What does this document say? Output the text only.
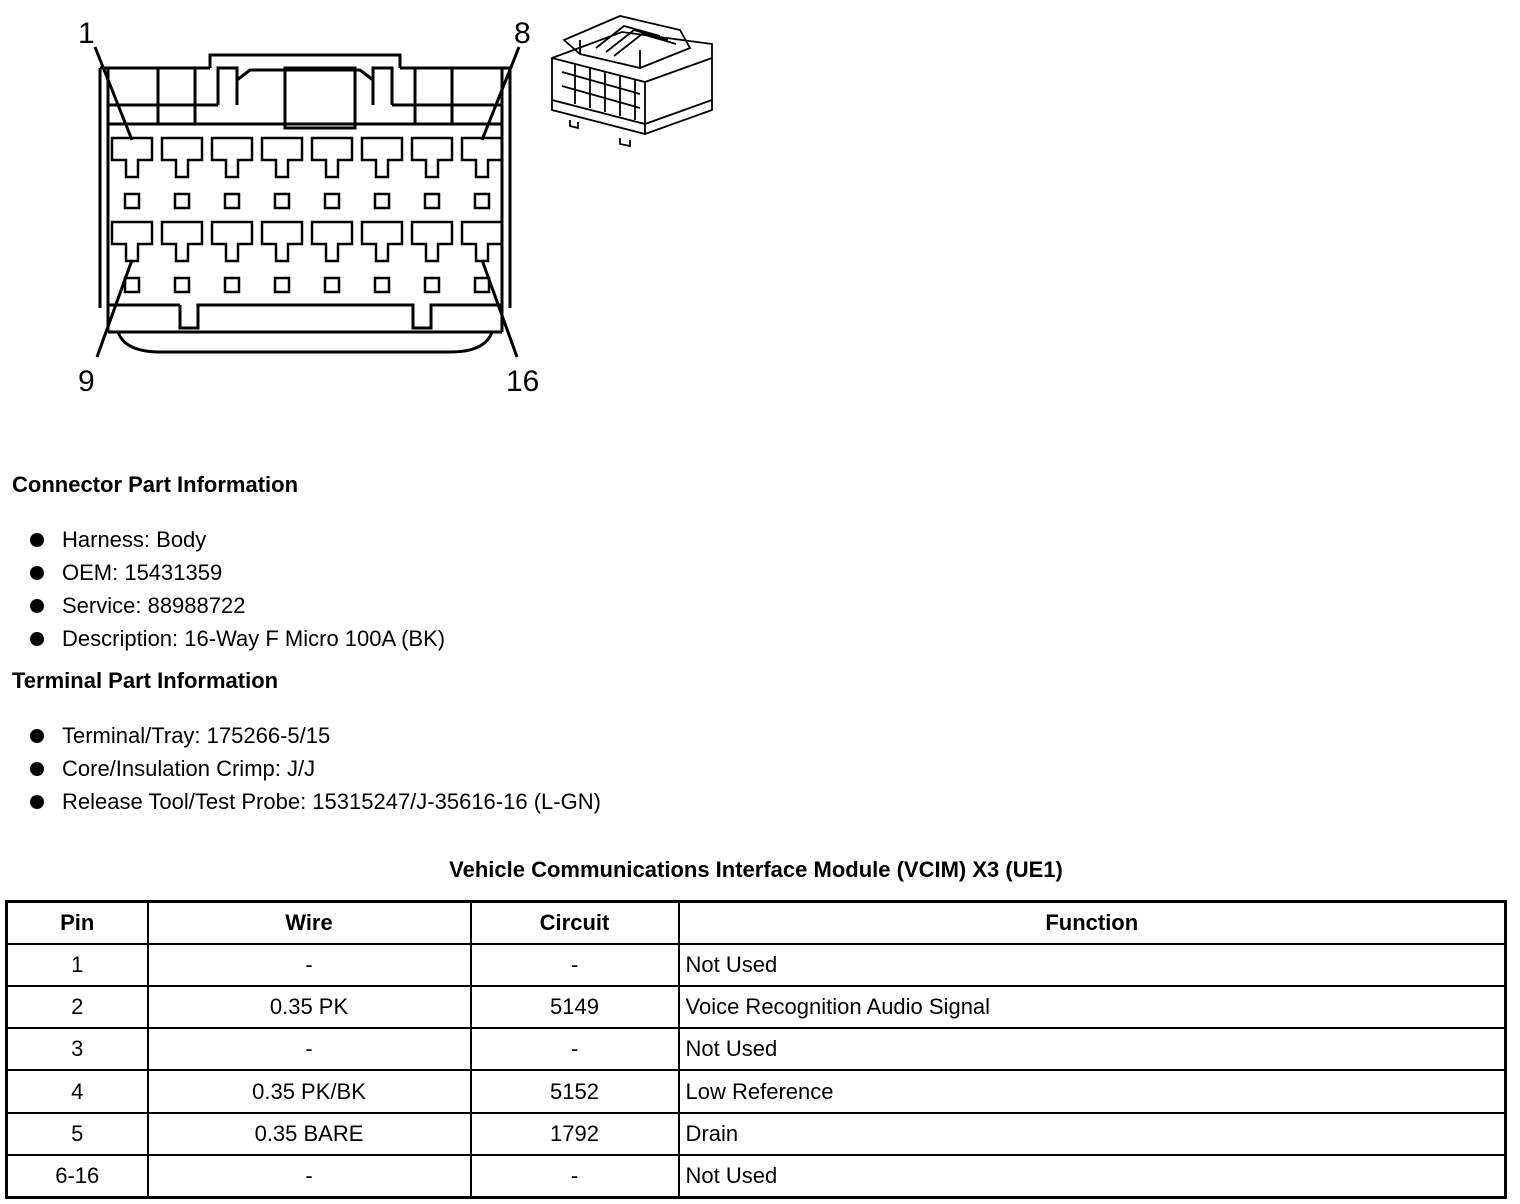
1	8
9	16
Connector Part Information
Harness: Body
OEM: 15431359
Service: 88988722
Description: 16-Way F Micro 100A (BK)
Terminal Part Information
Terminal/Tray: 175266-5/15
Core/Insulation Crimp: J/J
Release Tool/Test Probe: 15315247/J-35616-16 (L-GN)
Vehicle Communications Interface Module (VCIM) X3 (UE1)
Pin	Wire	Circuit	Function
1	-	-	Not Used
2	0.35 PK	5149	Voice Recognition Audio Signal
3	-	-	Not Used
4	0.35 PK/BK	5152	Low Reference
5	0.35 BARE	1792	Drain
6-16	-	-	Not Used
